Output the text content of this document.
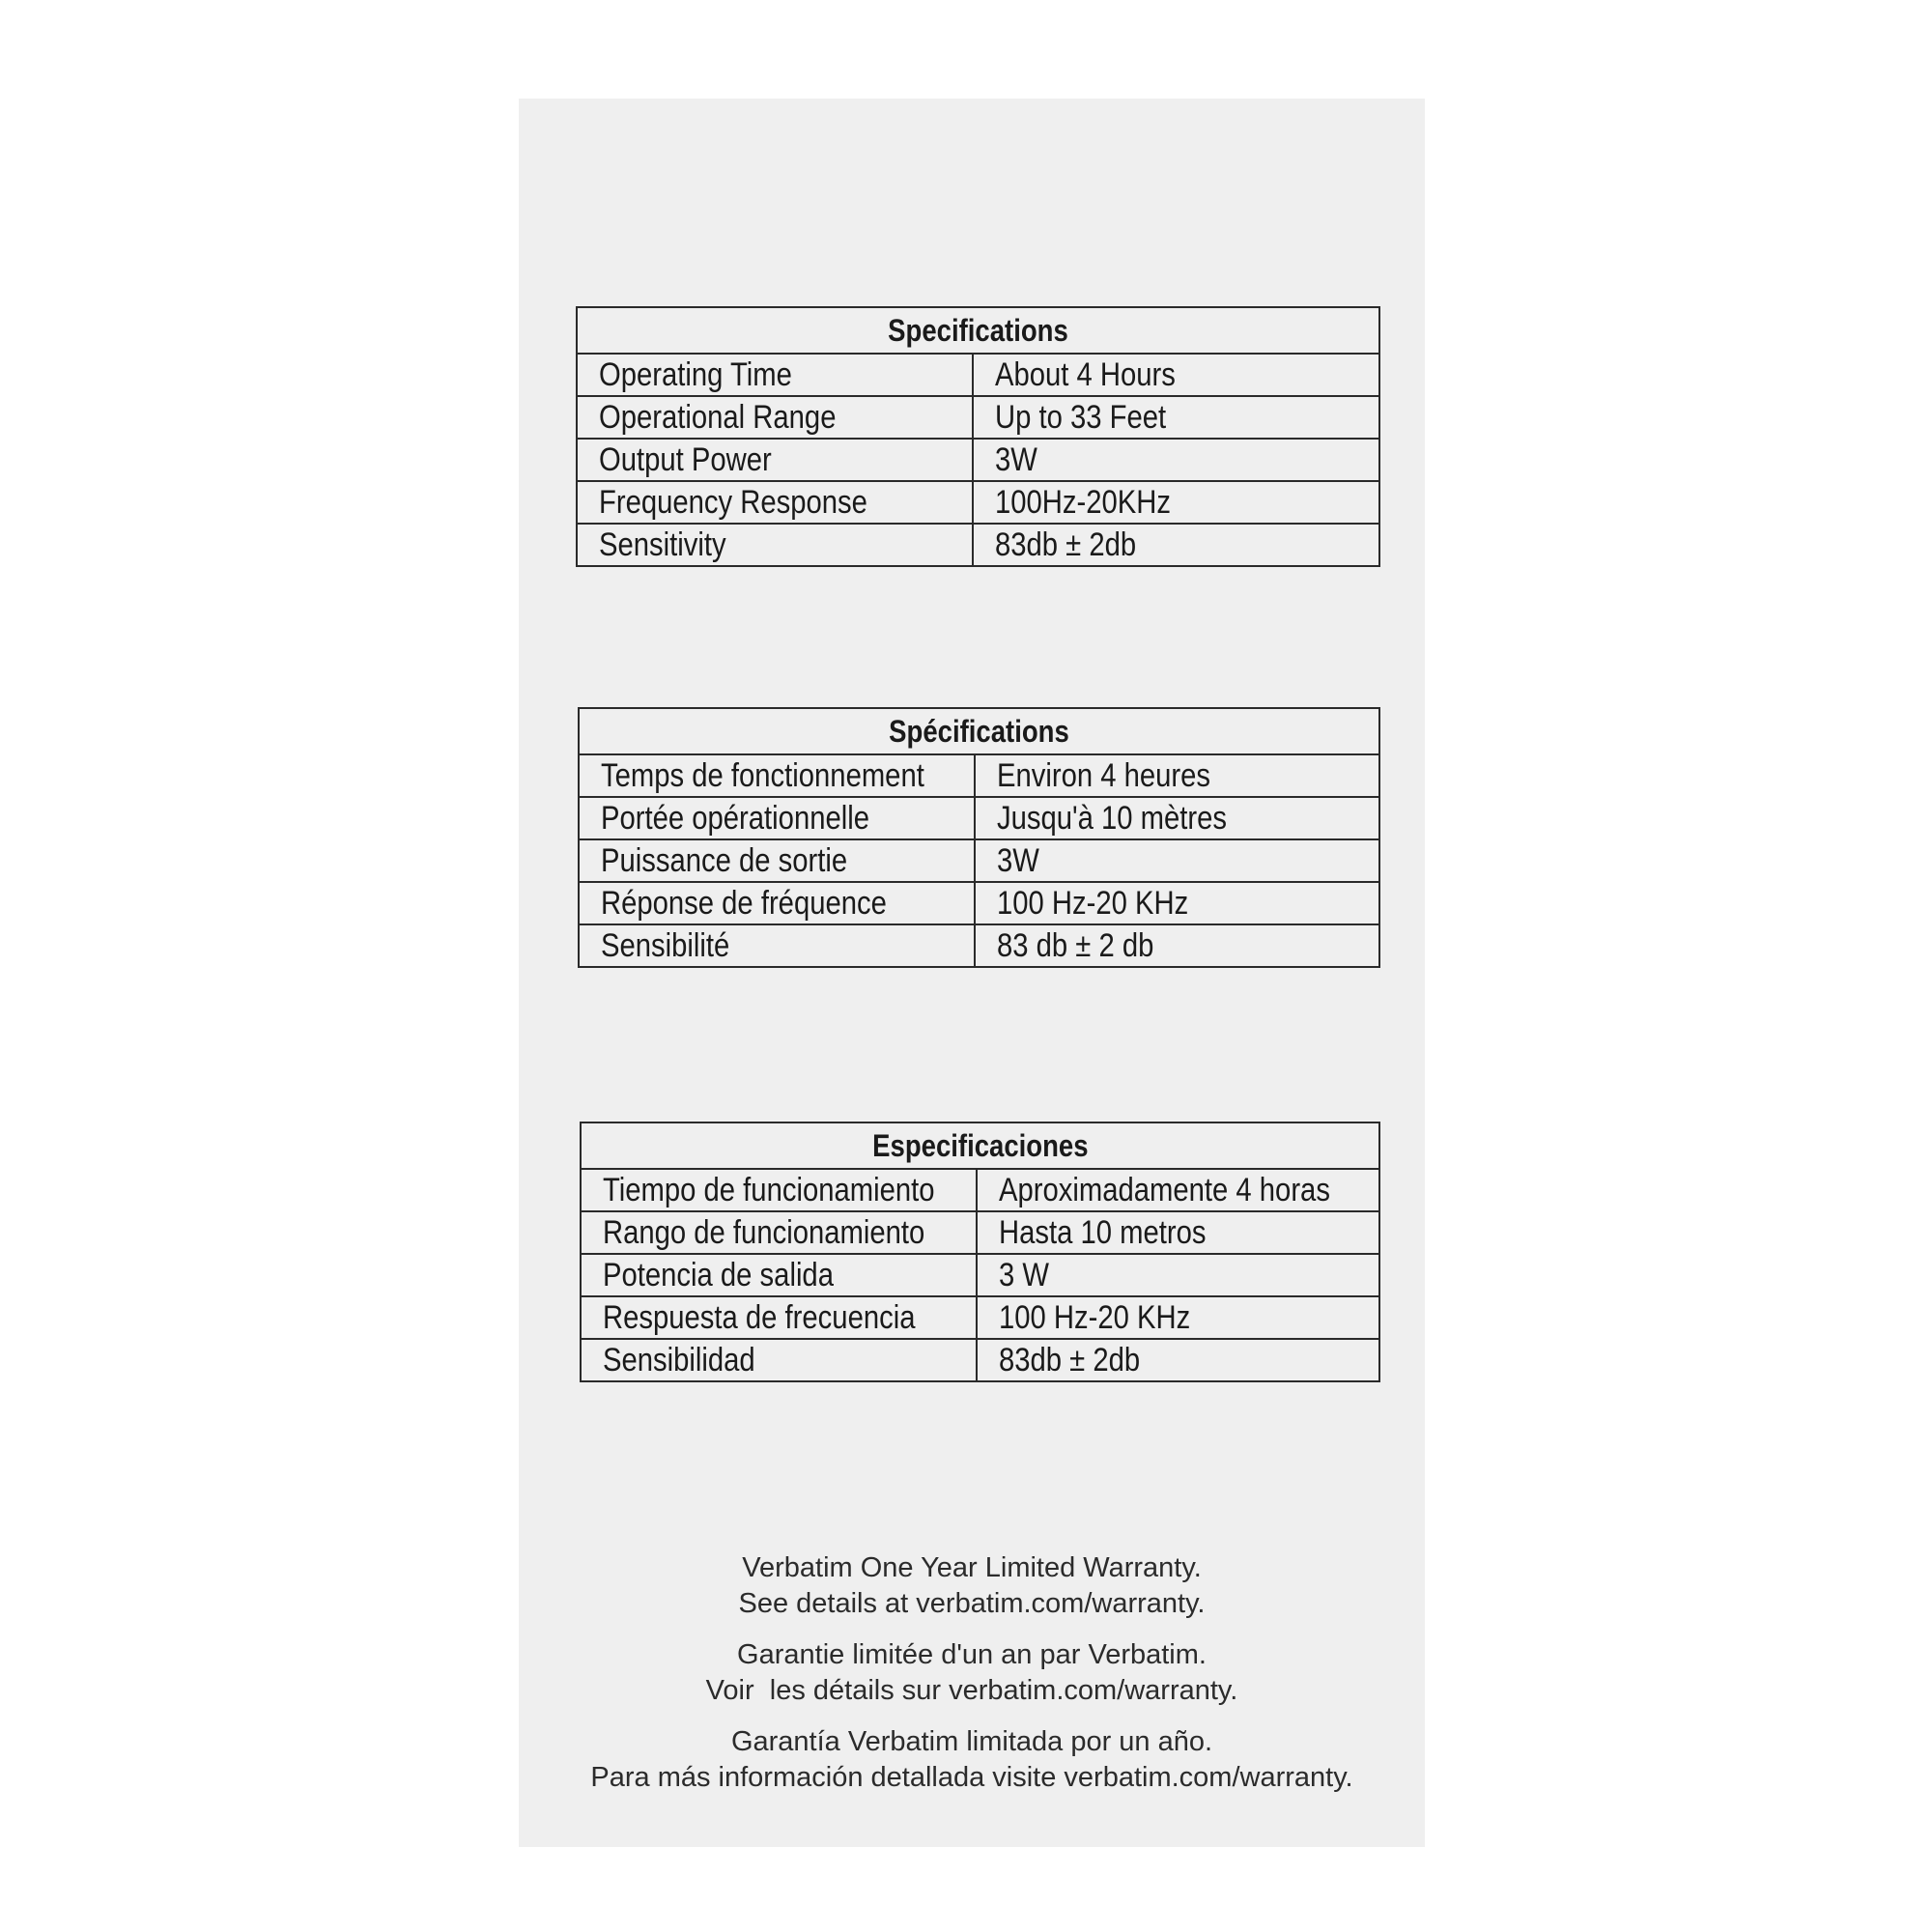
Specifications	
Operating Time	About 4 Hours
Operational Range	Up to 33 Feet
Output Power	3W
Frequency Response	100Hz-20KHz
Sensitivity	83db ± 2db
Spécifications	
Temps de fonctionnement	Environ 4 heures
Portée opérationnelle	Jusqu'à 10 mètres
Puissance de sortie	3W
Réponse de fréquence	100 Hz-20 KHz
Sensibilité	83 db ± 2 db
Especificaciones	
Tiempo de funcionamiento	Aproximadamente 4 horas
Rango de funcionamiento	Hasta 10 metros
Potencia de salida	3 W
Respuesta de frecuencia	100 Hz-20 KHz
Sensibilidad	83db ± 2db
Verbatim One Year Limited Warranty.
See details at verbatim.com/warranty.
Garantie limitée d'un an par Verbatim.
Voir  les détails sur verbatim.com/warranty.
Garantía Verbatim limitada por un año.
Para más información detallada visite verbatim.com/warranty.
